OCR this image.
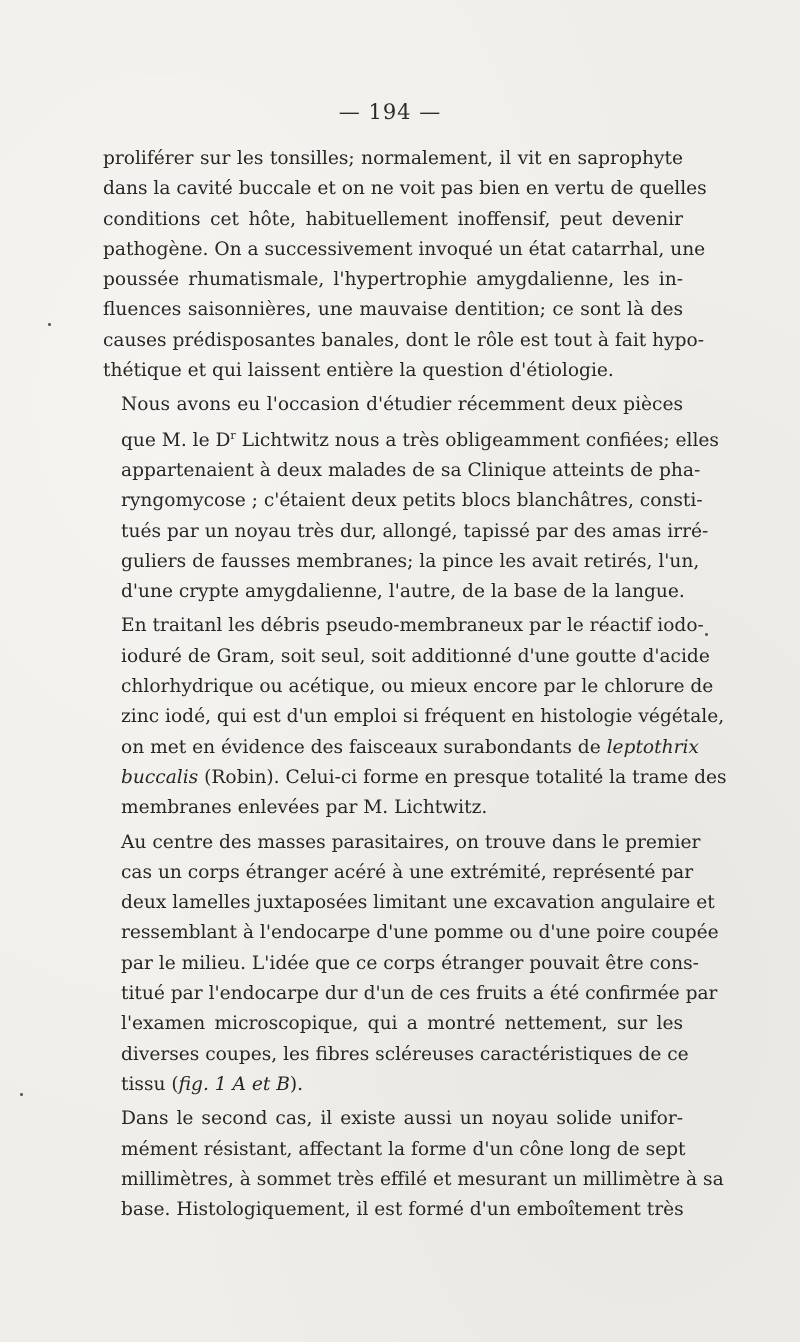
— 194 —

proliférer sur les tonsilles; normalement, il vit en saprophyte
dans la cavité buccale et on ne voit pas bien en vertu de quelles
conditions cet hôte, habituellement inoffensif, peut devenir
pathogène. On a successivement invoqué un état catarrhal, une
poussée rhumatismale, l'hypertrophie amygdalienne, les in-
fluences saisonnières, une mauvaise dentition; ce sont là des
causes prédisposantes banales, dont le rôle est tout à fait hypo-
thétique et qui laissent entière la question d'étiologie.

Nous avons eu l'occasion d'étudier récemment deux pièces
que M. le $D^r$ Lichtwitz nous a très obligeamment confiées; elles
appartenaient à deux malades de sa Clinique atteints de pha-
ryngomycose ; c'étaient deux petits blocs blanchâtres, consti-
tués par un noyau très dur, allongé, tapissé par des amas irré-
guliers de fausses membranes; la pince les avait retirés, l'un,
d'une crypte amygdalienne, l'autre, de la base de la langue.

En traitanl les débris pseudo-membraneux par le réactif iodo-
ioduré de Gram, soit seul, soit additionné d'une goutte d'acide
chlorhydrique ou acétique, ou mieux encore par le chlorure de
zinc iodé, qui est d'un emploi si fréquent en histologie végétale,
on met en évidence des faisceaux surabondants de leptothrix
buccalis (Robin). Celui-ci forme en presque totalité la trame des
membranes enlevées par M. Lichtwitz.

Au centre des masses parasitaires, on trouve dans le premier
cas un corps étranger acéré à une extrémité, représenté par
deux lamelles juxtaposées limitant une excavation angulaire et
ressemblant à l'endocarpe d'une pomme ou d'une poire coupée
par le milieu. L'idée que ce corps étranger pouvait être cons-
titué par l'endocarpe dur d'un de ces fruits a été confirmée par
l'examen microscopique, qui a montré nettement, sur les
diverses coupes, les fibres scléreuses caractéristiques de ce
tissu (fig. 1 A et B).

Dans le second cas, il existe aussi un noyau solide unifor-
mément résistant, affectant la forme d'un cône long de sept
millimètres, à sommet très effilé et mesurant un millimètre à sa
base. Histologiquement, il est formé d'un emboîtement très
